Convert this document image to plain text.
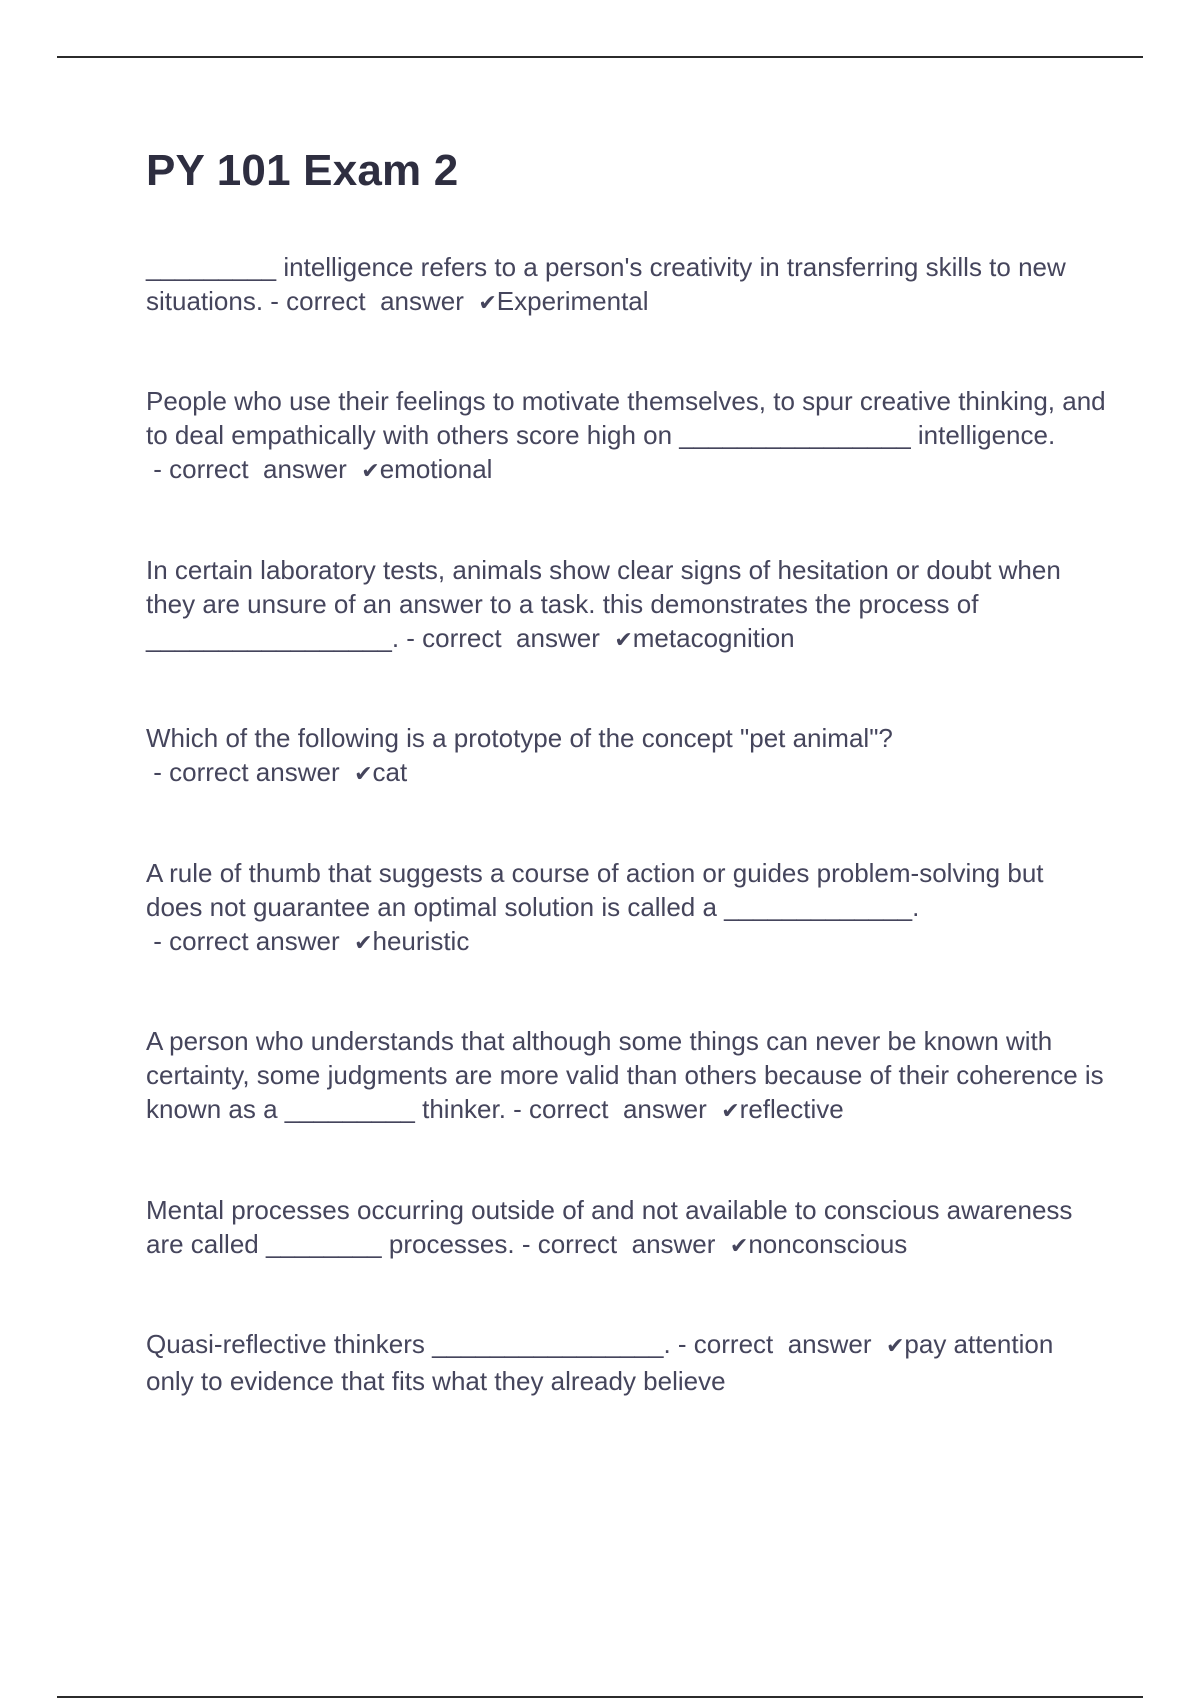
PY 101 Exam 2

_________ intelligence refers to a person's creativity in transferring skills to new situations. - correct  answer  ✔Experimental

People who use their feelings to motivate themselves, to spur creative thinking, and to deal empathically with others score high on ________________ intelligence. - correct  answer  ✔emotional

In certain laboratory tests, animals show clear signs of hesitation or doubt when they are unsure of an answer to a task. this demonstrates the process of _________________. - correct  answer  ✔metacognition

Which of the following is a prototype of the concept "pet animal"? - correct answer  ✔cat

A rule of thumb that suggests a course of action or guides problem-solving but does not guarantee an optimal solution is called a _____________. - correct answer  ✔heuristic

A person who understands that although some things can never be known with certainty, some judgments are more valid than others because of their coherence is known as a _________ thinker. - correct  answer  ✔reflective

Mental processes occurring outside of and not available to conscious awareness are called ________ processes. - correct  answer  ✔nonconscious

Quasi-reflective thinkers ________________. - correct  answer  ✔pay attention only to evidence that fits what they already believe
